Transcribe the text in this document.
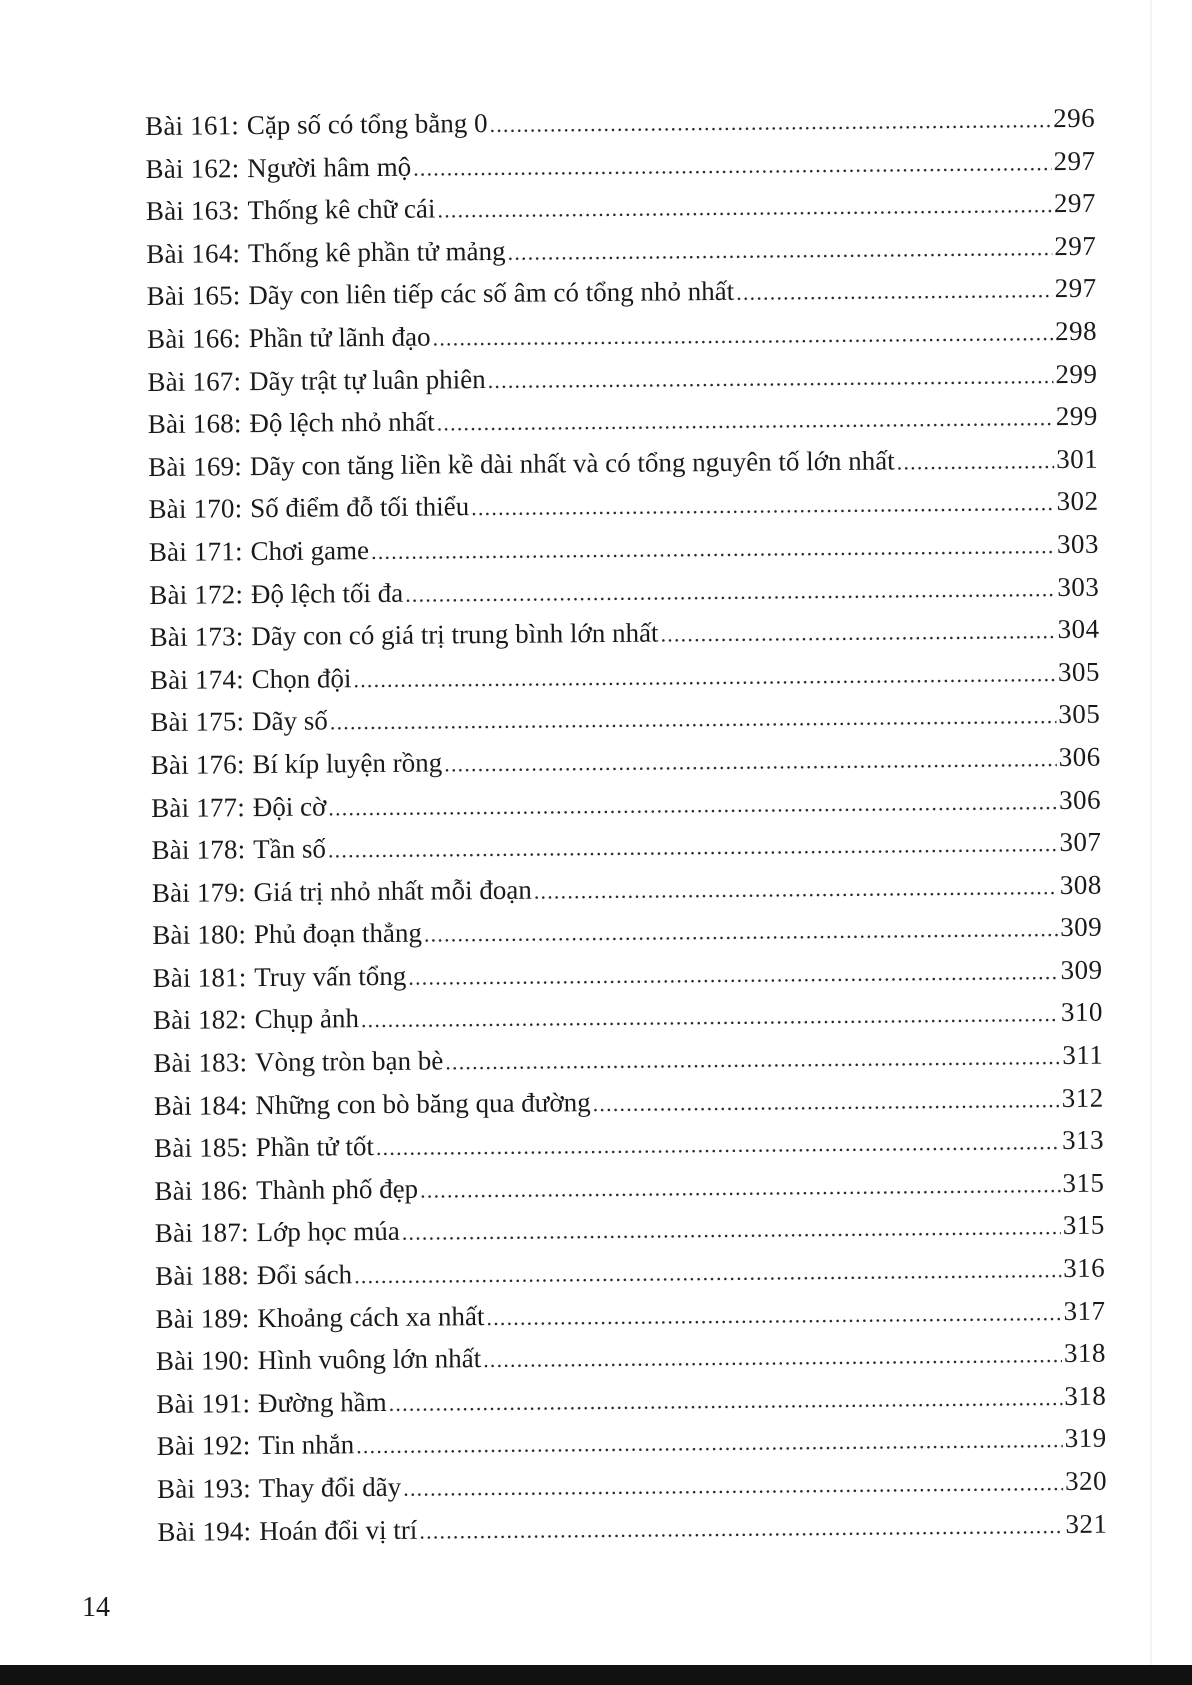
Bài 161 : Cặp số có tổng bằng 0 .....	296
Bài 162 : Người hâm mộ .....	297
Bài 163 : Thống kê chữ cái .....	297
Bài 164 : Thống kê phần tử mảng .....	297
Bài 165 : Dãy con liên tiếp các số âm có tổng nhỏ nhất .....	297
Bài 166 : Phần tử lãnh đạo .....	298
Bài 167 : Dãy trật tự luân phiên .....	299
Bài 168 : Độ lệch nhỏ nhất .....	299
Bài 169 : Dãy con tăng liền kề dài nhất và có tổng nguyên tố lớn nhất .....	301
Bài 170 : Số điểm đỗ tối thiểu .....	302
Bài 171 : Chơi game .....	303
Bài 172 : Độ lệch tối đa .....	303
Bài 173 : Dãy con có giá trị trung bình lớn nhất .....	304
Bài 174 : Chọn đội .....	305
Bài 175 : Dãy số .....	305
Bài 176 : Bí kíp luyện rồng .....	306
Bài 177 : Đội cờ .....	306
Bài 178 : Tần số .....	307
Bài 179 : Giá trị nhỏ nhất mỗi đoạn .....	308
Bài 180 : Phủ đoạn thẳng .....	309
Bài 181 : Truy vấn tổng .....	309
Bài 182 : Chụp ảnh .....	310
Bài 183 : Vòng tròn bạn bè .....	311
Bài 184 : Những con bò băng qua đường .....	312
Bài 185 : Phần tử tốt .....	313
Bài 186 : Thành phố đẹp .....	315
Bài 187 : Lớp học múa .....	315
Bài 188 : Đổi sách .....	316
Bài 189 : Khoảng cách xa nhất .....	317
Bài 190 : Hình vuông lớn nhất .....	318
Bài 191 : Đường hầm .....	318
Bài 192 : Tin nhắn .....	319
Bài 193 : Thay đổi dãy .....	320
Bài 194 : Hoán đổi vị trí .....	321
14
